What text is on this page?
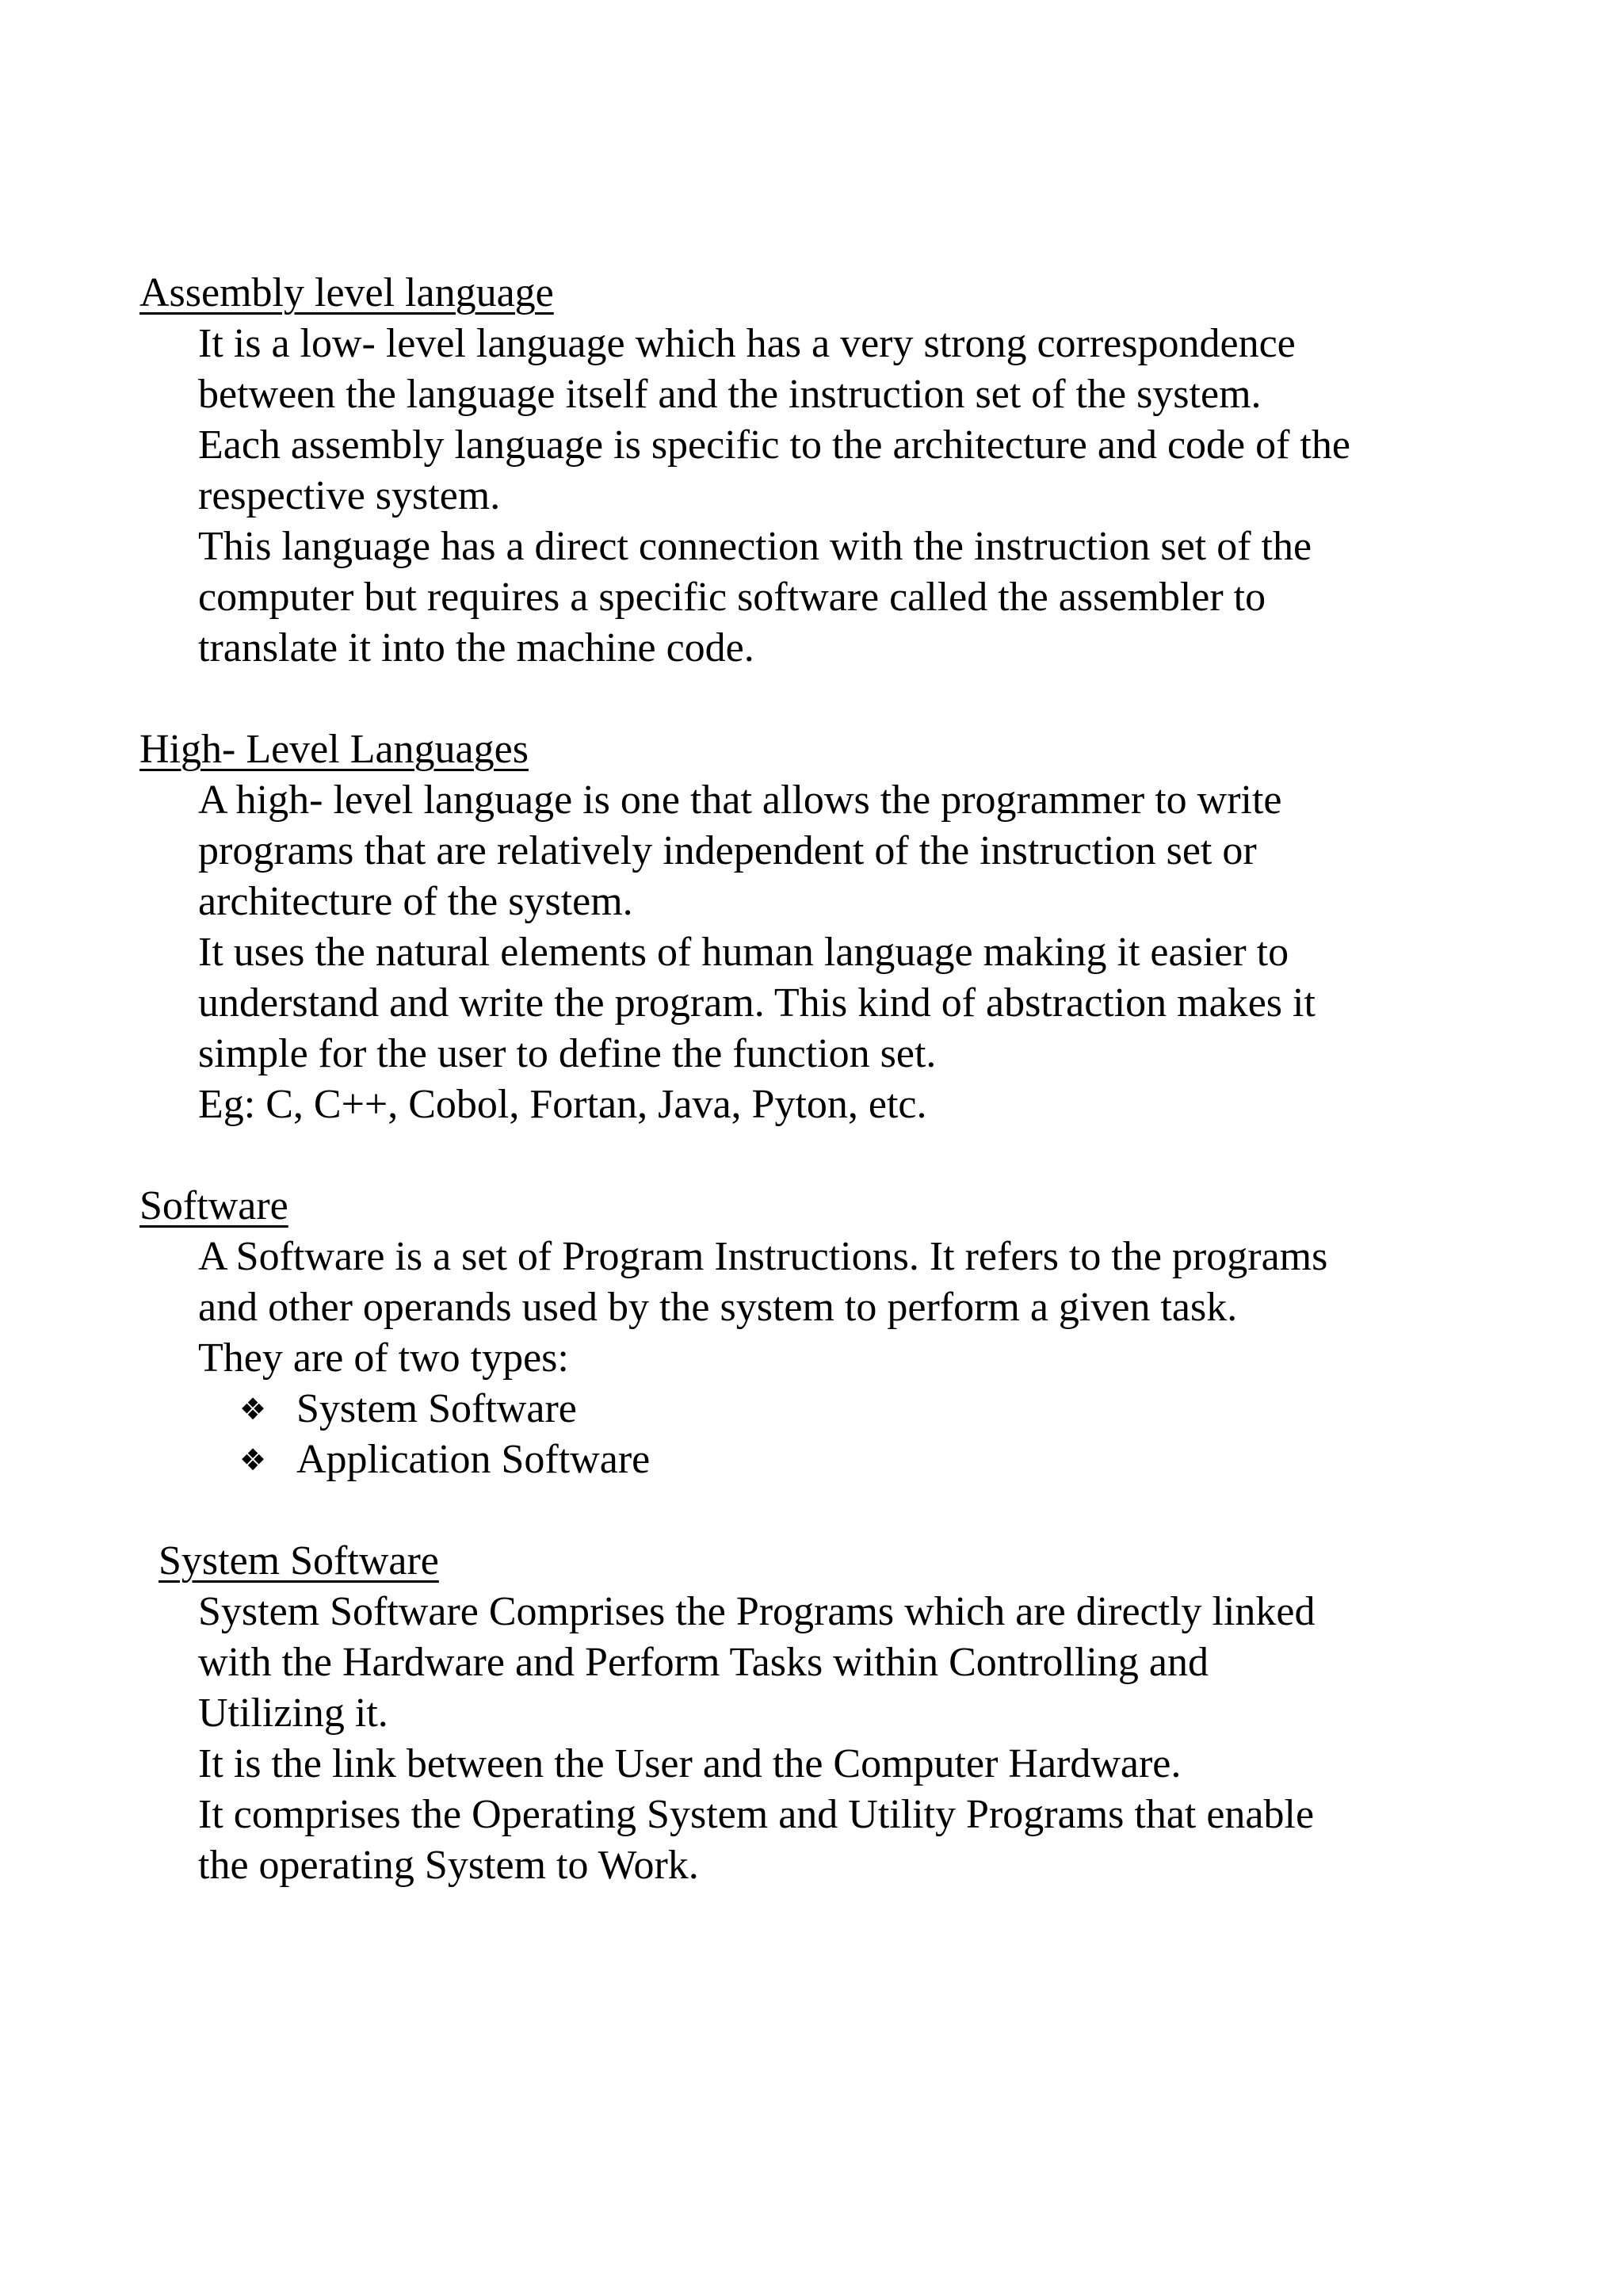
Assembly level language
It is a low- level language which has a very strong correspondence
between the language itself and the instruction set of the system.
Each assembly language is specific to the architecture and code of the
respective system.
This language has a direct connection with the instruction set of the
computer but requires a specific software called the assembler to
translate it into the machine code.
High- Level Languages
A high- level language is one that allows the programmer to write
programs that are relatively independent of the instruction set or
architecture of the system.
It uses the natural elements of human language making it easier to
understand and write the program. This kind of abstraction makes it
simple for the user to define the function set.
Eg: C, C++, Cobol, Fortan, Java, Pyton, etc.
Software
A Software is a set of Program Instructions. It refers to the programs
and other operands used by the system to perform a given task.
They are of two types:
❖ System Software
❖ Application Software
System Software
System Software Comprises the Programs which are directly linked
with the Hardware and Perform Tasks within Controlling and
Utilizing it.
It is the link between the User and the Computer Hardware.
It comprises the Operating System and Utility Programs that enable
the operating System to Work.
